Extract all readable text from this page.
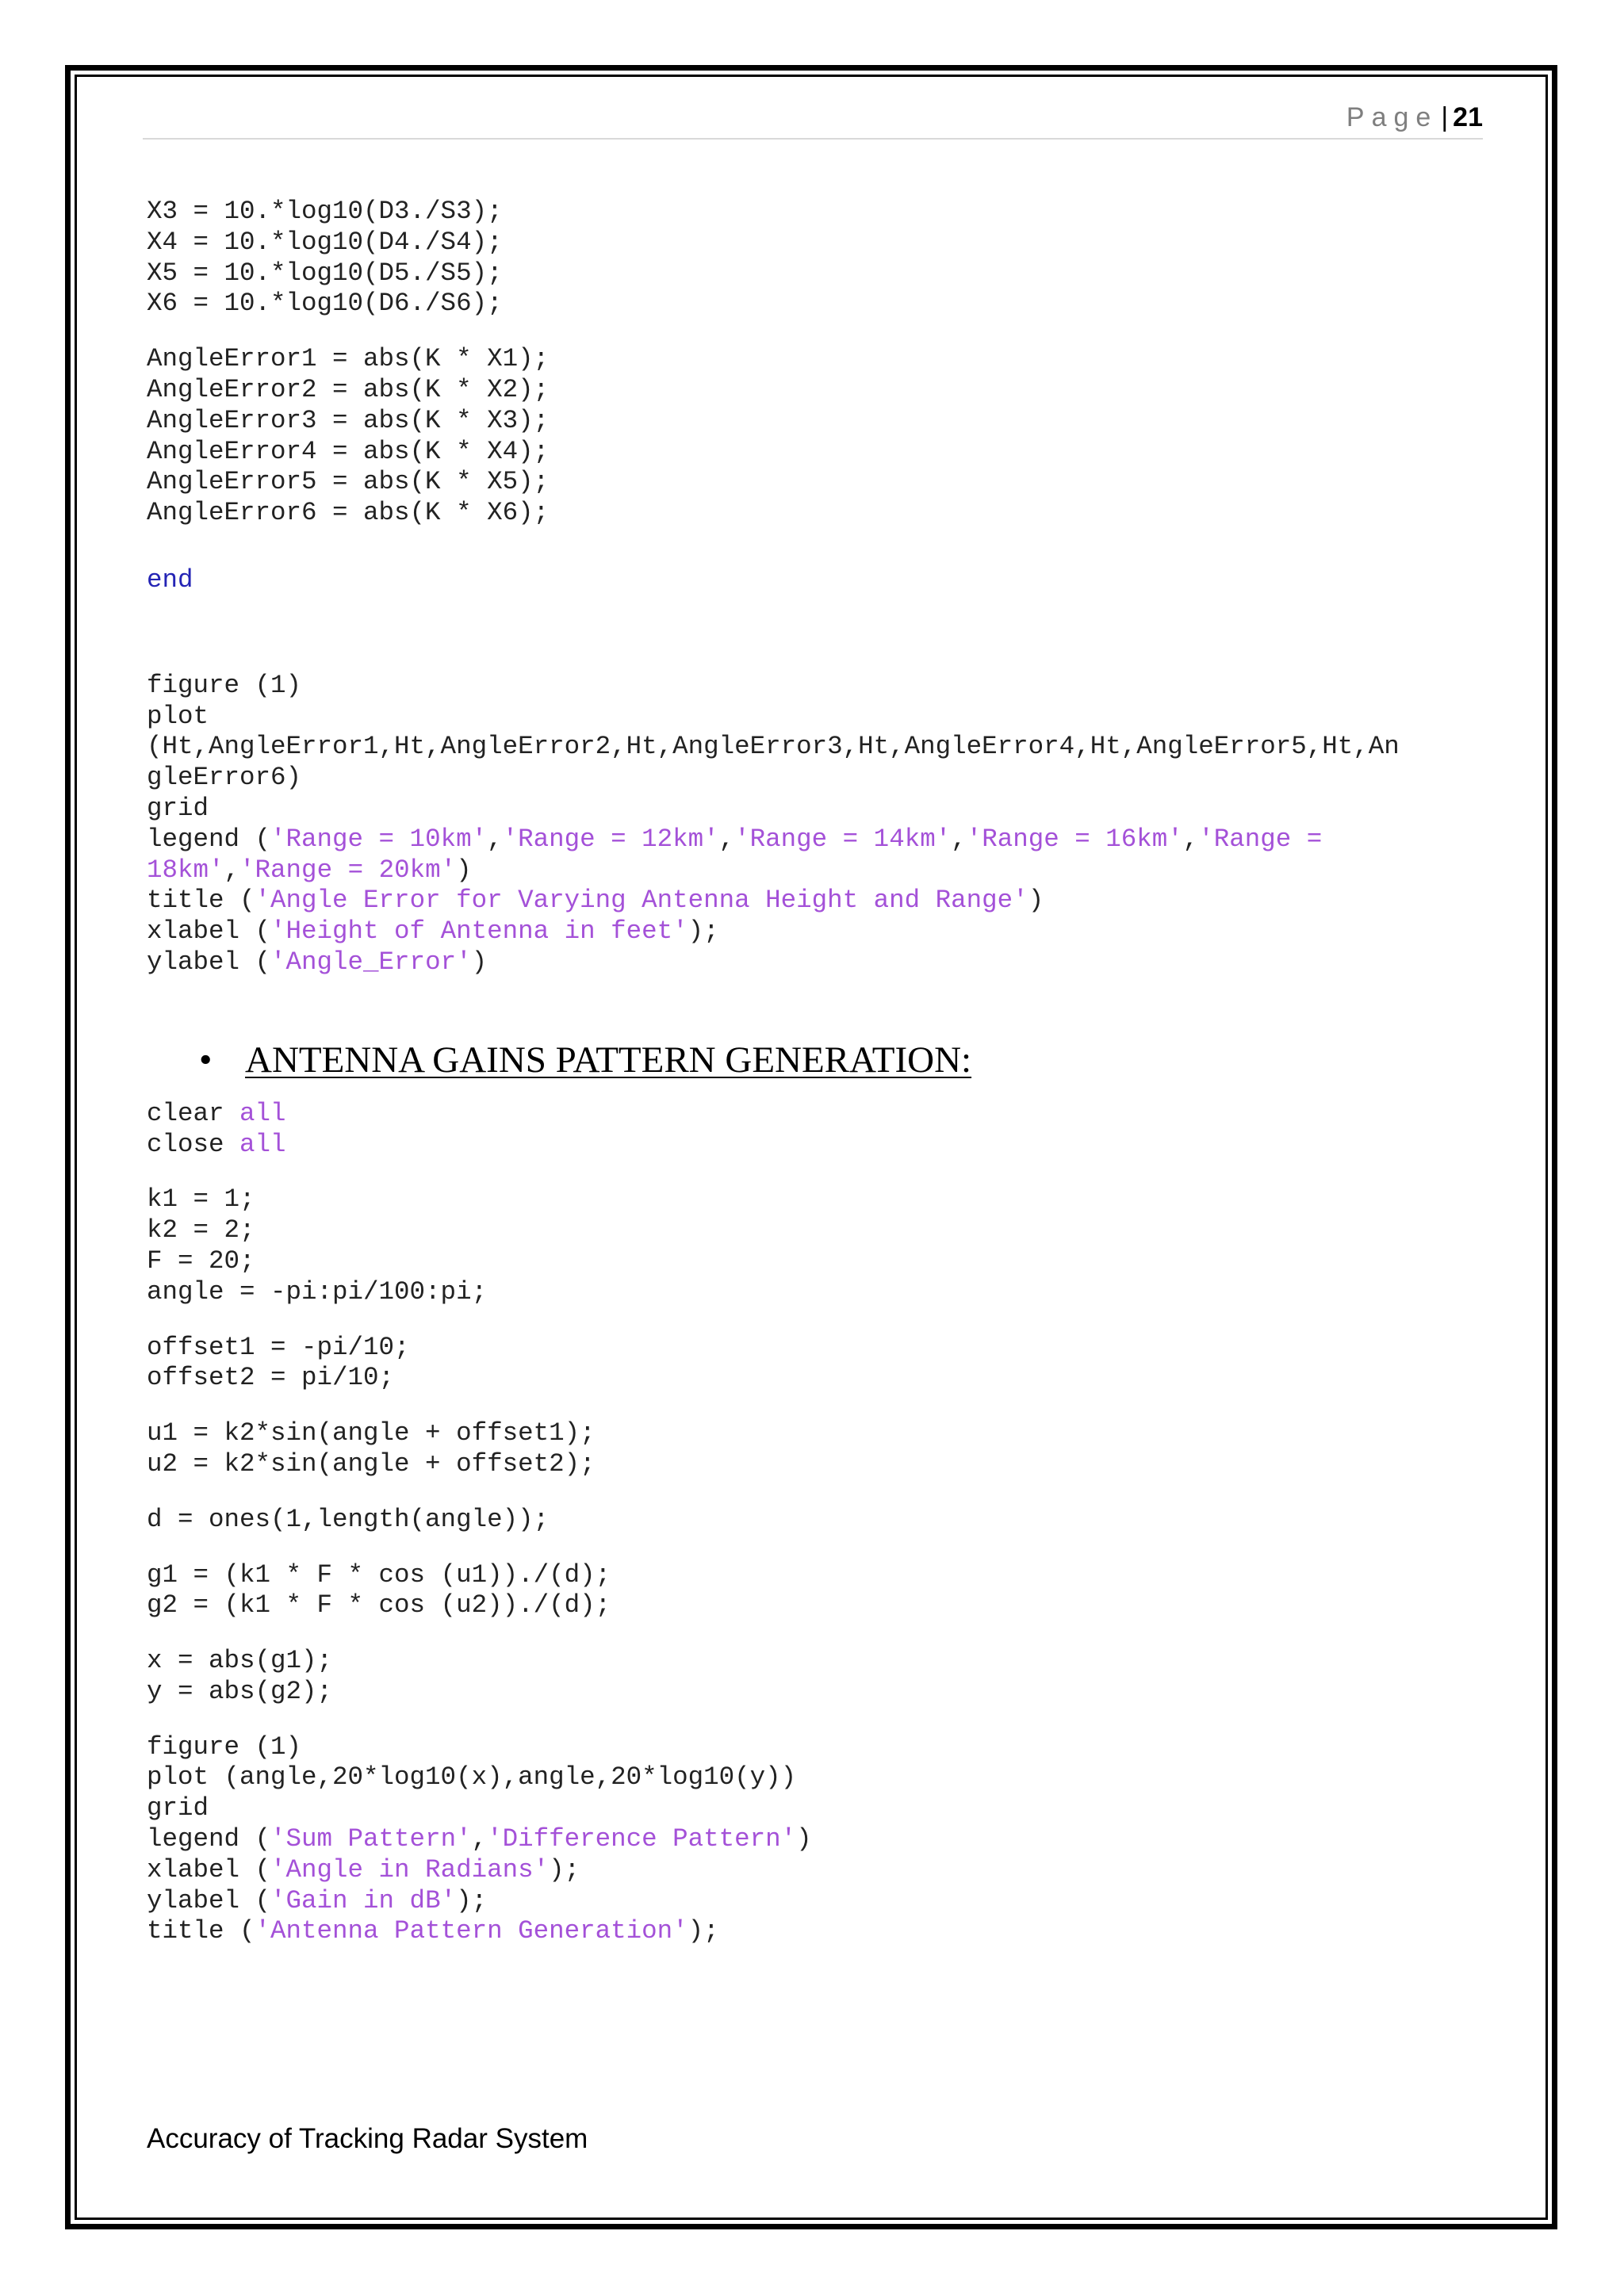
Page | 21
X3 = 10.*log10(D3./S3);
X4 = 10.*log10(D4./S4);
X5 = 10.*log10(D5./S5);
X6 = 10.*log10(D6./S6);
AngleError1 = abs(K * X1);
AngleError2 = abs(K * X2);
AngleError3 = abs(K * X3);
AngleError4 = abs(K * X4);
AngleError5 = abs(K * X5);
AngleError6 = abs(K * X6);
end
figure (1)
plot
(Ht,AngleError1,Ht,AngleError2,Ht,AngleError3,Ht,AngleError4,Ht,AngleError5,Ht,An
gleError6)
grid
legend ('Range = 10km','Range = 12km','Range = 14km','Range = 16km','Range =
18km','Range = 20km')
title ('Angle Error for Varying Antenna Height and Range')
xlabel ('Height of Antenna in feet');
ylabel ('Angle_Error')
• ANTENNA GAINS PATTERN GENERATION:
clear all
close all
k1 = 1;
k2 = 2;
F = 20;
angle = -pi:pi/100:pi;
offset1 = -pi/10;
offset2 = pi/10;
u1 = k2*sin(angle + offset1);
u2 = k2*sin(angle + offset2);
d = ones(1,length(angle));
g1 = (k1 * F * cos (u1))./(d);
g2 = (k1 * F * cos (u2))./(d);
x = abs(g1);
y = abs(g2);
figure (1)
plot (angle,20*log10(x),angle,20*log10(y))
grid
legend ('Sum Pattern','Difference Pattern')
xlabel ('Angle in Radians');
ylabel ('Gain in dB');
title ('Antenna Pattern Generation');
Accuracy of Tracking Radar System
